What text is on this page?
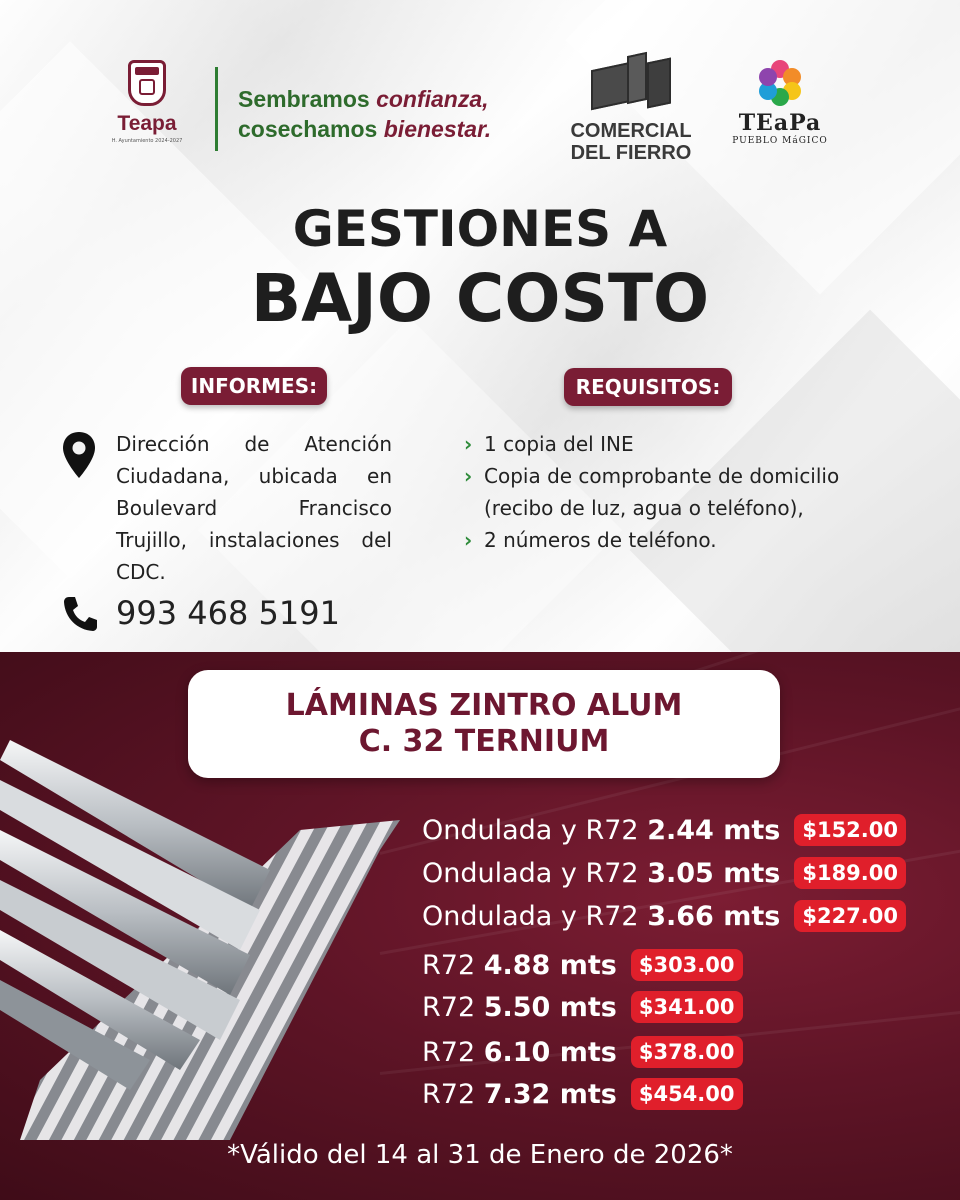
Teapa
H. Ayuntamiento 2024-2027
Sembramos confianza,
cosechamos bienestar.	COMERCIAL
DEL FIERRO
TEaPa
PUEBLO MáGICO
GESTIONES A
BAJO COSTO
INFORMES:	REQUISITOS:
Dirección de Atención Ciudadana, ubicada en Boulevard Francisco Trujillo, instalaciones del CDC.
993 468 5191
› 1 copia del INE
› Copia de comprobante de domicilio
(recibo de luz, agua o teléfono),
› 2 números de teléfono.
LÁMINAS ZINTRO ALUM
C. 32 TERNIUM
Ondulada y R72 2.44 mts	$152.00
Ondulada y R72 3.05 mts	$189.00
Ondulada y R72 3.66 mts	$227.00
R72 4.88 mts	$303.00
R72 5.50 mts	$341.00
R72 6.10 mts	$378.00
R72 7.32 mts	$454.00
*Válido del 14 al 31 de Enero de 2026*
